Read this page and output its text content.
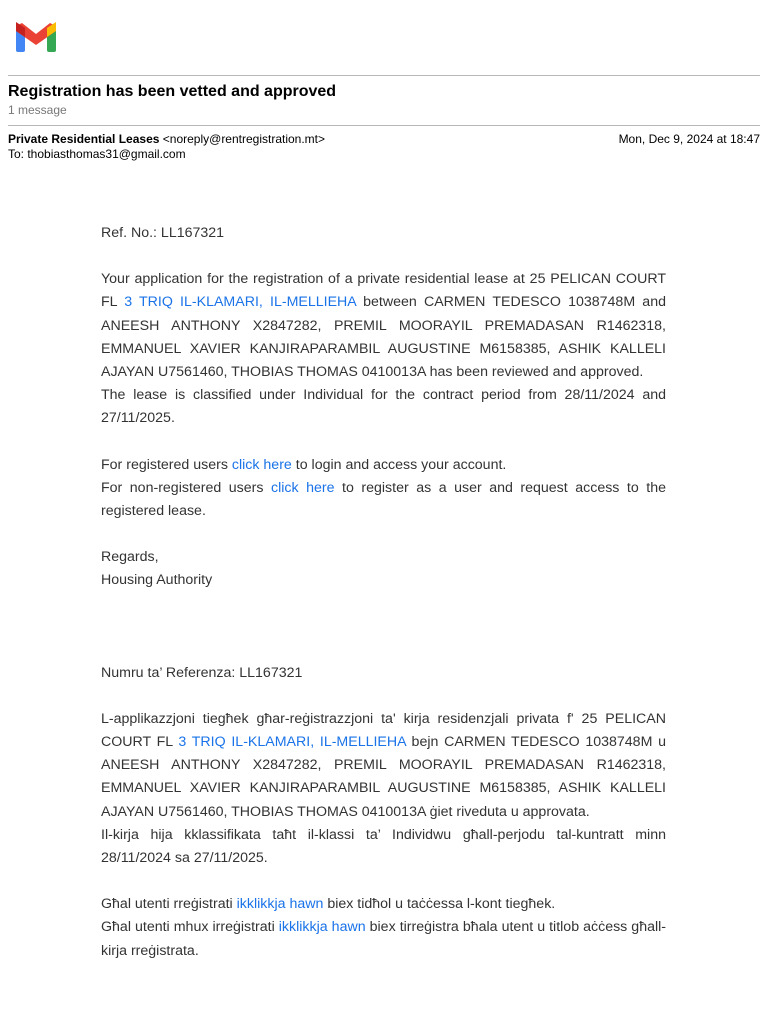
Registration has been vetted and approved
1 message
Private Residential Leases <noreply@rentregistration.mt>	Mon, Dec 9, 2024 at 18:47
To: thobiasthomas31@gmail.com

Ref. No.: LL167321

Your application for the registration of a private residential lease at 25 PELICAN COURT FL 3 TRIQ IL-KLAMARI, IL-MELLIEHA between CARMEN TEDESCO 1038748M and ANEESH ANTHONY X2847282, PREMIL MOORAYIL PREMADASAN R1462318, EMMANUEL XAVIER KANJIRAPARAMBIL AUGUSTINE M6158385, ASHIK KALLELI AJAYAN U7561460, THOBIAS THOMAS 0410013A has been reviewed and approved.

The lease is classified under Individual for the contract period from 28/11/2024 and 27/11/2025.

For registered users click here to login and access your account.

For non-registered users click here to register as a user and request access to the registered lease.

Regards,

Housing Authority

Numru ta’ Referenza: LL167321

L-applikazzjoni tiegħek għar-reġistrazzjoni ta' kirja residenzjali privata f' 25 PELICAN COURT FL 3 TRIQ IL-KLAMARI, IL-MELLIEHA bejn CARMEN TEDESCO 1038748M u ANEESH ANTHONY X2847282, PREMIL MOORAYIL PREMADASAN R1462318, EMMANUEL XAVIER KANJIRAPARAMBIL AUGUSTINE M6158385, ASHIK KALLELI AJAYAN U7561460, THOBIAS THOMAS 0410013A ġiet riveduta u approvata.

Il-kirja hija kklassifikata taħt il-klassi ta’ Individwu għall-perjodu tal-kuntratt minn 28/11/2024 sa 27/11/2025.

Għal utenti rreġistrati ikklikkja hawn biex tidħol u taċċessa l-kont tiegħek.

Għal utenti mhux irreġistrati ikklikkja hawn biex tirreġistra bħala utent u titlob aċċess għall-kirja rreġistrata.
